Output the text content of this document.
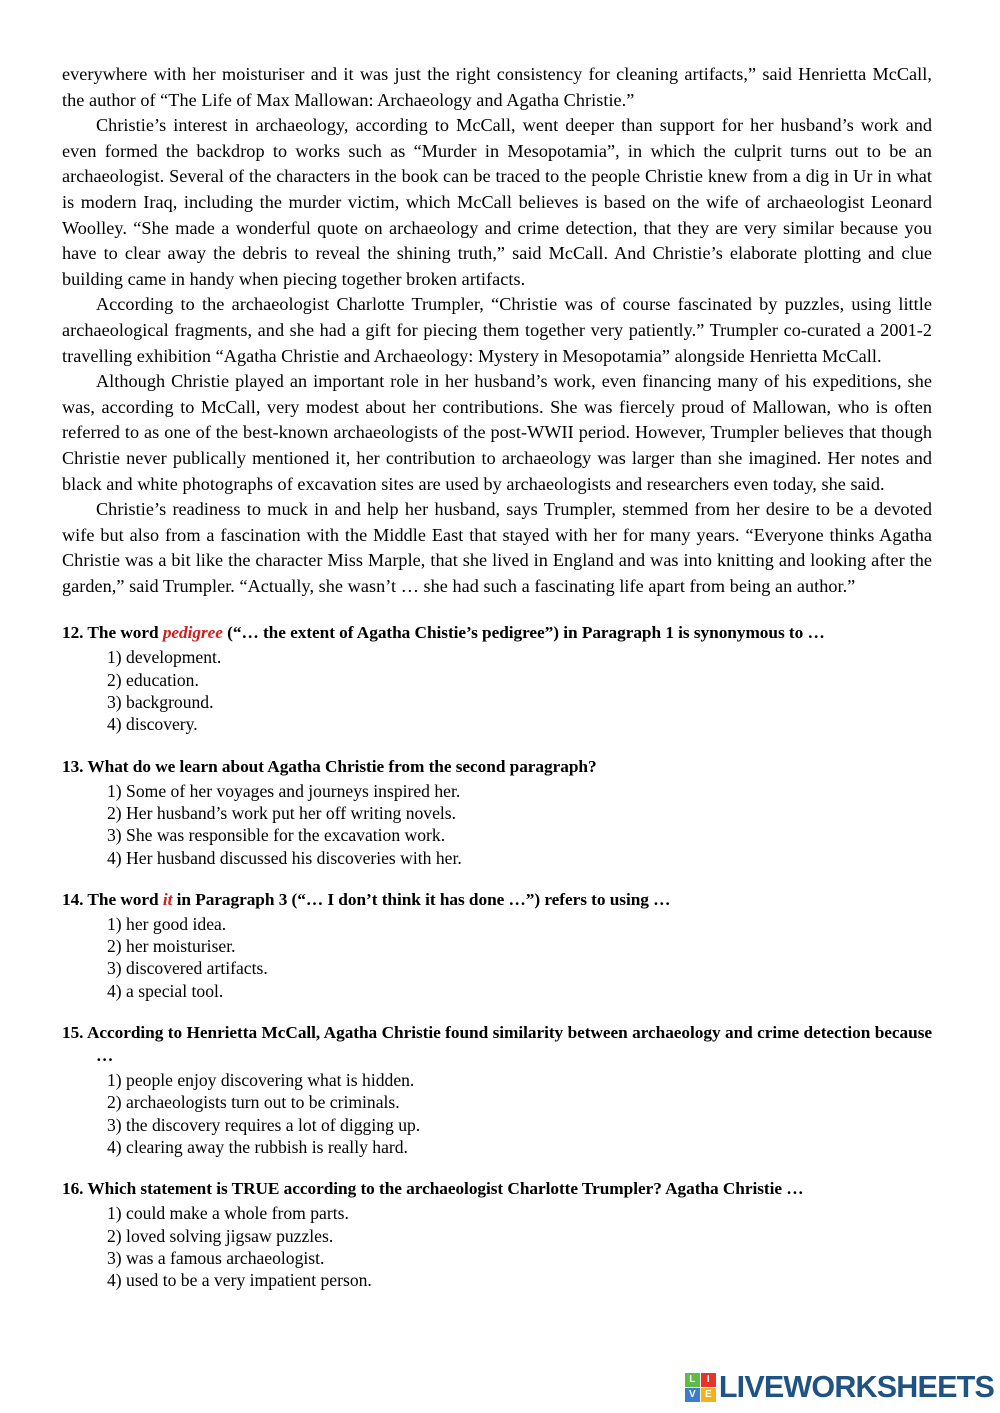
everywhere with her moisturiser and it was just the right consistency for cleaning artifacts,” said Henrietta McCall, the author of “The Life of Max Mallowan: Archaeology and Agatha Christie.”

Christie’s interest in archaeology, according to McCall, went deeper than support for her husband’s work and even formed the backdrop to works such as “Murder in Mesopotamia”, in which the culprit turns out to be an archaeologist. Several of the characters in the book can be traced to the people Christie knew from a dig in Ur in what is modern Iraq, including the murder victim, which McCall believes is based on the wife of archaeologist Leonard Woolley. “She made a wonderful quote on archaeology and crime detection, that they are very similar because you have to clear away the debris to reveal the shining truth,” said McCall. And Christie’s elaborate plotting and clue building came in handy when piecing together broken artifacts.

According to the archaeologist Charlotte Trumpler, “Christie was of course fascinated by puzzles, using little archaeological fragments, and she had a gift for piecing them together very patiently.” Trumpler co-curated a 2001-2 travelling exhibition “Agatha Christie and Archaeology: Mystery in Mesopotamia” alongside Henrietta McCall.

Although Christie played an important role in her husband’s work, even financing many of his expeditions, she was, according to McCall, very modest about her contributions. She was fiercely proud of Mallowan, who is often referred to as one of the best-known archaeologists of the post-WWII period. However, Trumpler believes that though Christie never publically mentioned it, her contribution to archaeology was larger than she imagined. Her notes and black and white photographs of excavation sites are used by archaeologists and researchers even today, she said.

Christie’s readiness to muck in and help her husband, says Trumpler, stemmed from her desire to be a devoted wife but also from a fascination with the Middle East that stayed with her for many years. “Everyone thinks Agatha Christie was a bit like the character Miss Marple, that she lived in England and was into knitting and looking after the garden,” said Trumpler. “Actually, she wasn’t … she had such a fascinating life apart from being an author.”

12. The word pedigree (“… the extent of Agatha Chistie’s pedigree”) in Paragraph 1 is synonymous to …

1) development.
2) education.
3) background.
4) discovery.

13. What do we learn about Agatha Christie from the second paragraph?

1) Some of her voyages and journeys inspired her.
2) Her husband’s work put her off writing novels.
3) She was responsible for the excavation work.
4) Her husband discussed his discoveries with her.

14. The word it in Paragraph 3 (“… I don’t think it has done …”) refers to using …

1) her good idea.
2) her moisturiser.
3) discovered artifacts.
4) a special tool.

15. According to Henrietta McCall, Agatha Christie found similarity between archaeology and crime detection because …

1) people enjoy discovering what is hidden.
2) archaeologists turn out to be criminals.
3) the discovery requires a lot of digging up.
4) clearing away the rubbish is really hard.

16. Which statement is TRUE according to the archaeologist Charlotte Trumpler? Agatha Christie …

1) could make a whole from parts.
2) loved solving jigsaw puzzles.
3) was a famous archaeologist.
4) used to be a very impatient person.
L	I
V E LIVEWORKSHEETS
